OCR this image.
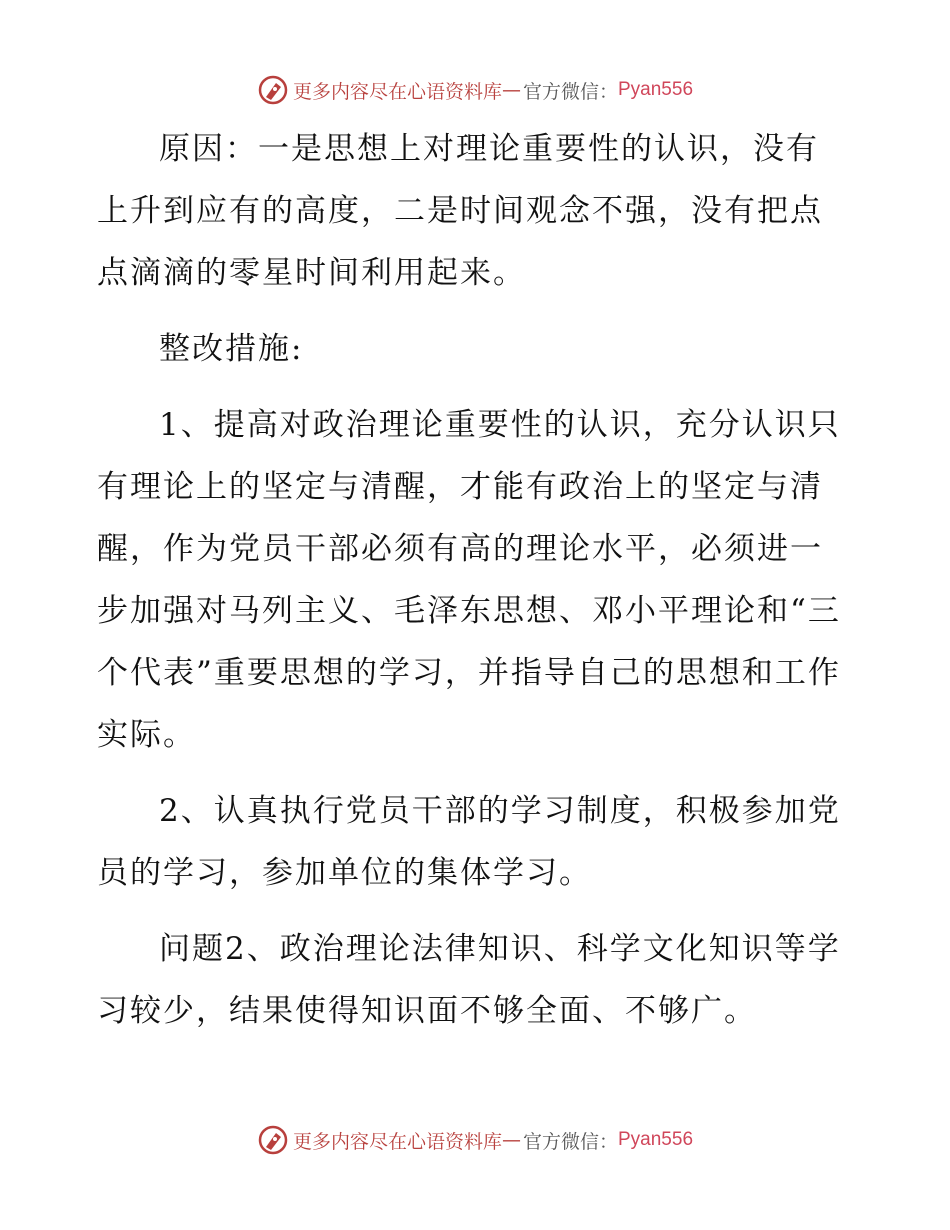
更多内容尽在心语资料库 — 官方微信： Pyan556

原因：一是思想上对理论重要性的认识，没有上升到应有的高度，二是时间观念不强，没有把点点滴滴的零星时间利用起来。

整改措施:

1、提高对政治理论重要性的认识，充分认识只有理论上的坚定与清醒，才能有政治上的坚定与清醒，作为党员干部必须有高的理论水平，必须进一步加强对马列主义、毛泽东思想、邓小平理论和“三个代表”重要思想的学习，并指导自己的思想和工作实际。

2、认真执行党员干部的学习制度，积极参加党员的学习，参加单位的集体学习。

问题2、政治理论法律知识、科学文化知识等学习较少，结果使得知识面不够全面、不够广。

更多内容尽在心语资料库 — 官方微信： Pyan556
